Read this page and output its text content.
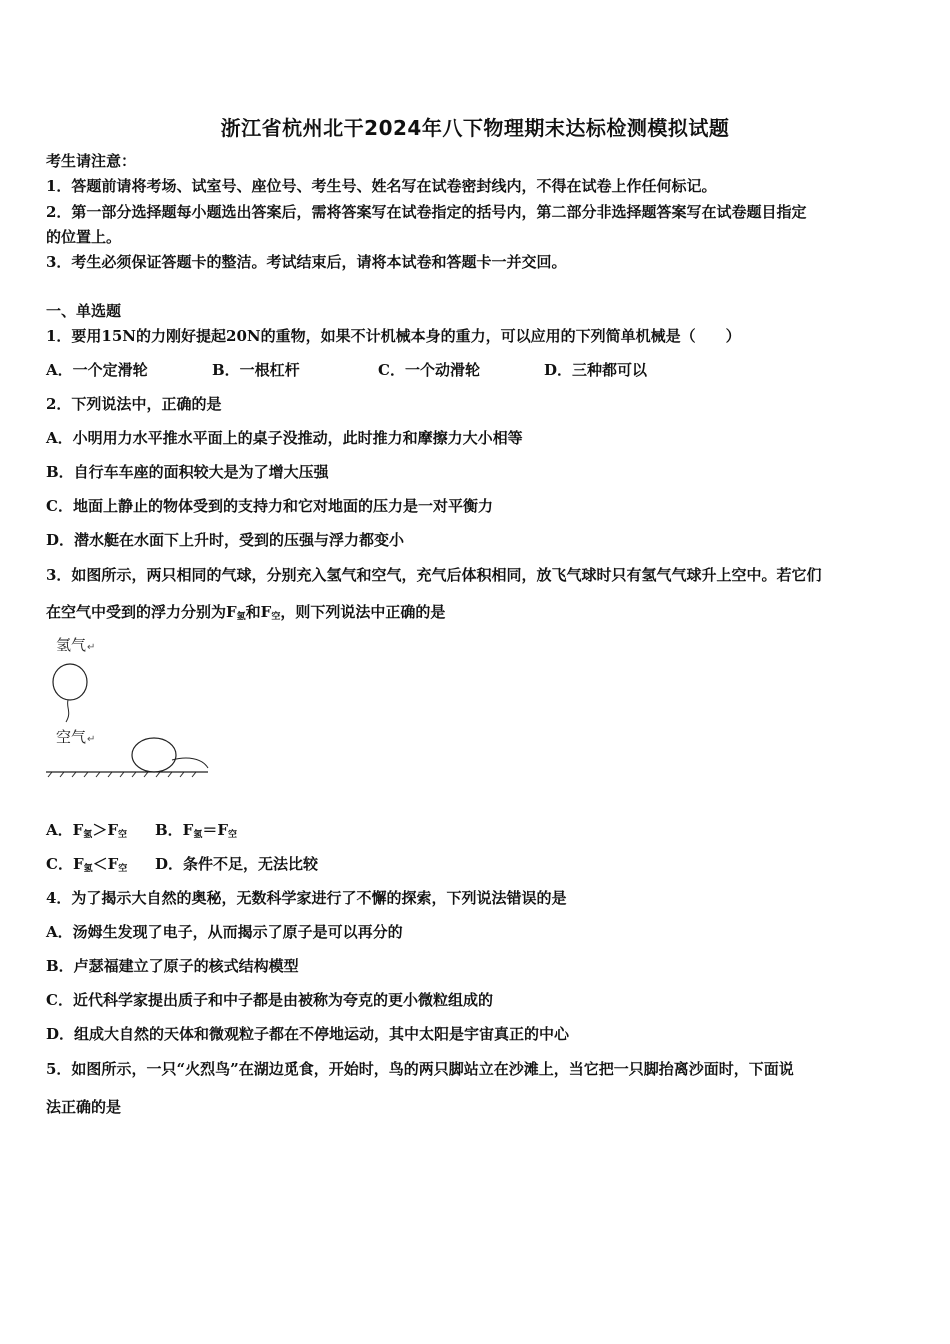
浙江省杭州北干2024年八下物理期末达标检测模拟试题
考生请注意：
1．答题前请将考场、试室号、座位号、考生号、姓名写在试卷密封线内，不得在试卷上作任何标记。
2．第一部分选择题每小题选出答案后，需将答案写在试卷指定的括号内，第二部分非选择题答案写在试卷题目指定
的位置上。
3．考生必须保证答题卡的整洁。考试结束后，请将本试卷和答题卡一并交回。
一、单选题
1．要用15N的力刚好提起20N的重物，如果不计机械本身的重力，可以应用的下列简单机械是（　　）
A．一个定滑轮	B．一根杠杆	C．一个动滑轮	D．三种都可以
2．下列说法中，正确的是
A．小明用力水平推水平面上的桌子没推动，此时推力和摩擦力大小相等
B．自行车车座的面积较大是为了增大压强
C．地面上静止的物体受到的支持力和它对地面的压力是一对平衡力
D．潜水艇在水面下上升时，受到的压强与浮力都变小
3．如图所示，两只相同的气球，分别充入氢气和空气，充气后体积相同，放飞气球时只有氢气气球升上空中。若它们
在空气中受到的浮力分别为$F_氢$和$F_空$，则下列说法中正确的是
氢气↵
空气↵
A．$F_氢>F_空$ B．$F_氢=F_空$
C．$F_氢<F_空$ D．条件不足，无法比较
4．为了揭示大自然的奥秘，无数科学家进行了不懈的探索，下列说法错误的是
A．汤姆生发现了电子，从而揭示了原子是可以再分的
B．卢瑟福建立了原子的核式结构模型
C．近代科学家提出质子和中子都是由被称为夸克的更小微粒组成的
D．组成大自然的天体和微观粒子都在不停地运动，其中太阳是宇宙真正的中心
5．如图所示，一只“火烈鸟”在湖边觅食，开始时，鸟的两只脚站立在沙滩上，当它把一只脚抬离沙面时，下面说
法正确的是
